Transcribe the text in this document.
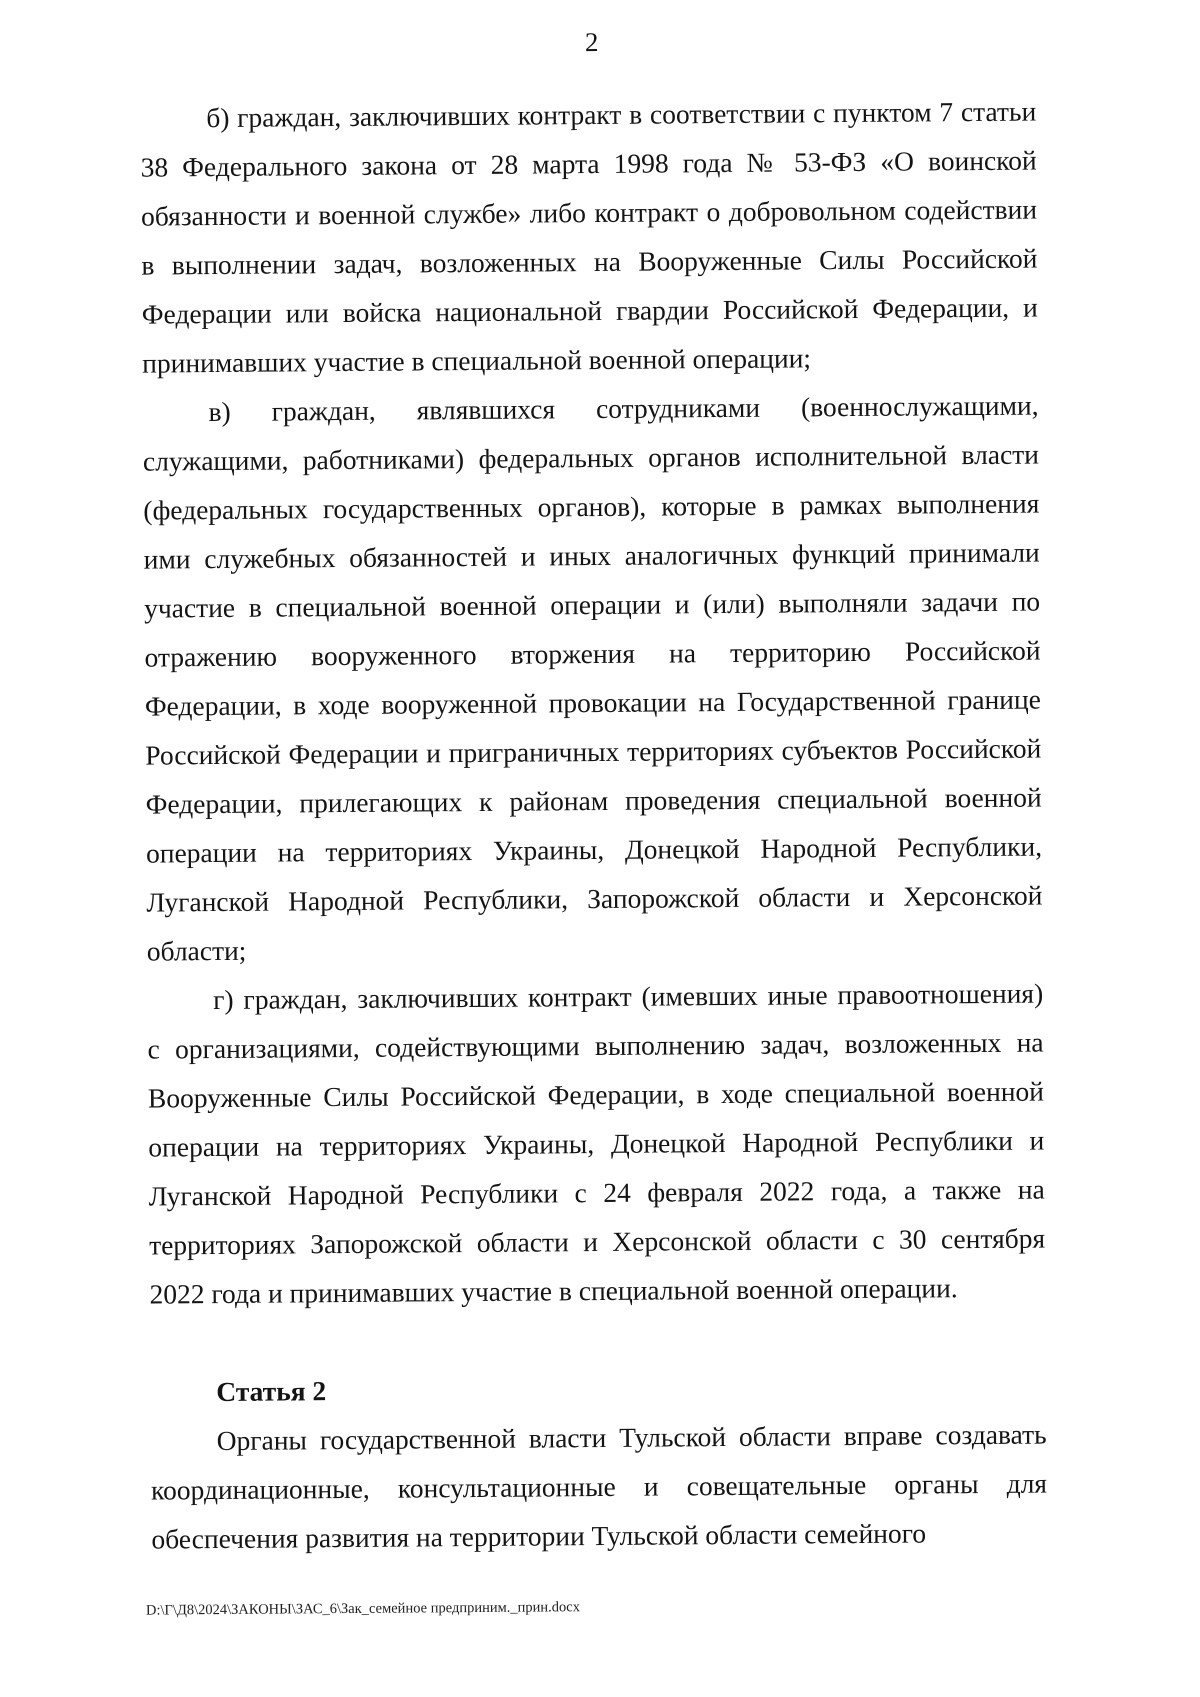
2

б) граждан, заключивших контракт в соответствии с пунктом 7 статьи 38 Федерального закона от 28 марта 1998 года № 53-ФЗ «О воинской обязанности и военной службе» либо контракт о добровольном содействии в выполнении задач, возложенных на Вооруженные Силы Российской Федерации или войска национальной гвардии Российской Федерации, и принимавших участие в специальной военной операции;

в) граждан, являвшихся сотрудниками (военнослужащими, служащими, работниками) федеральных органов исполнительной власти (федеральных государственных органов), которые в рамках выполнения ими служебных обязанностей и иных аналогичных функций принимали участие в специальной военной операции и (или) выполняли задачи по отражению вооруженного вторжения на территорию Российской Федерации, в ходе вооруженной провокации на Государственной границе Российской Федерации и приграничных территориях субъектов Российской Федерации, прилегающих к районам проведения специальной военной операции на территориях Украины, Донецкой Народной Республики, Луганской Народной Республики, Запорожской области и Херсонской области;

г) граждан, заключивших контракт (имевших иные правоотношения) с организациями, содействующими выполнению задач, возложенных на Вооруженные Силы Российской Федерации, в ходе специальной военной операции на территориях Украины, Донецкой Народной Республики и Луганской Народной Республики с 24 февраля 2022 года, а также на территориях Запорожской области и Херсонской области с 30 сентября 2022 года и принимавших участие в специальной военной операции.

Статья 2

Органы государственной власти Тульской области вправе создавать координационные, консультационные и совещательные органы для обеспечения развития на территории Тульской области семейного

D:\Г\Д8\2024\ЗАКОНЫ\ЗАС_6\Зак_семейное предприним._прин.docx
